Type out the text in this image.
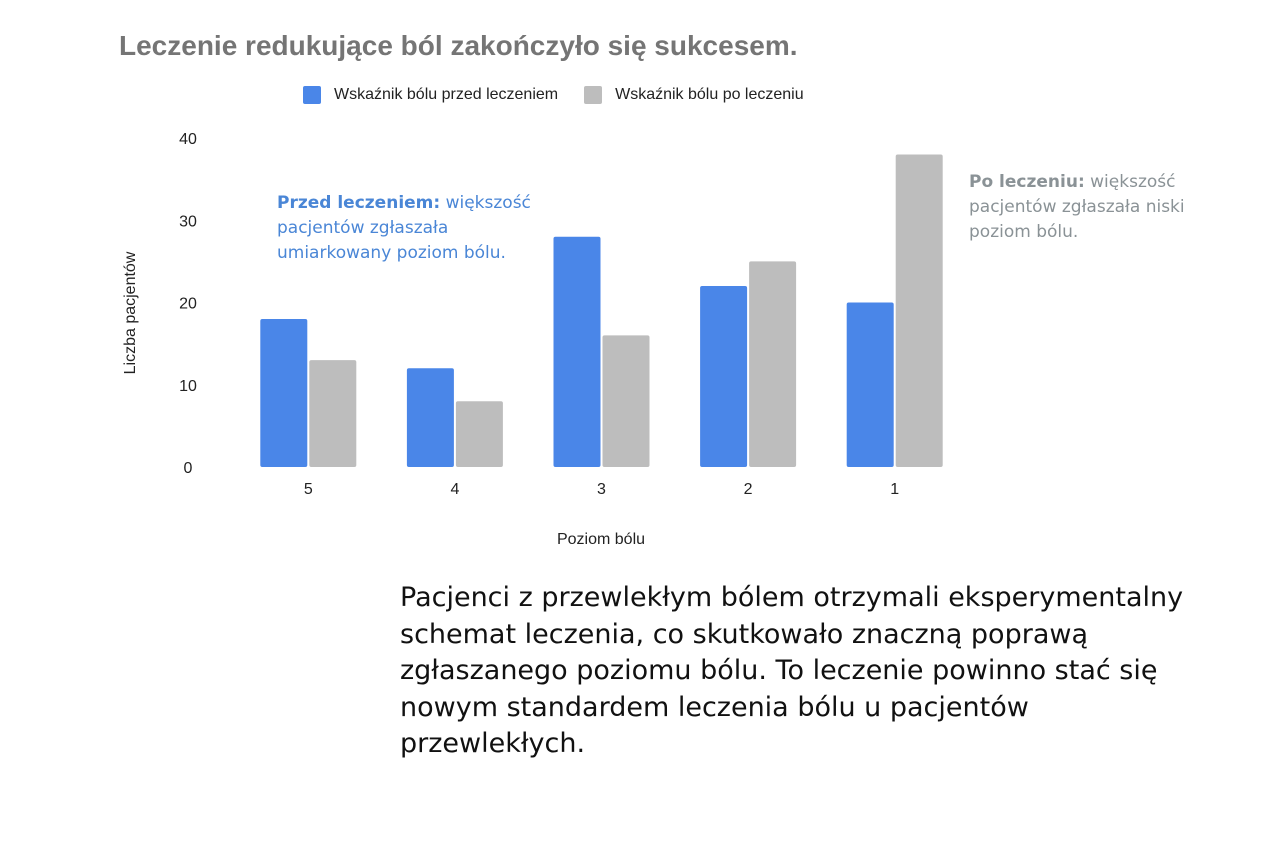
Leczenie redukujące ból zakończyło się sukcesem.
Wskaźnik bólu przed leczeniem	Wskaźnik bólu po leczeniu
0
10
20
30
40
5	4	3	2	1
Poziom bólu
Liczba pacjentów
Przed leczeniem: większość pacjentów zgłaszała umiarkowany poziom bólu.
Po leczeniu: większość pacjentów zgłaszała niski poziom bólu.
Pacjenci z przewlekłym bólem otrzymali eksperymentalny schemat leczenia, co skutkowało znaczną poprawą zgłaszanego poziomu bólu. To leczenie powinno stać się nowym standardem leczenia bólu u pacjentów przewlekłych.
